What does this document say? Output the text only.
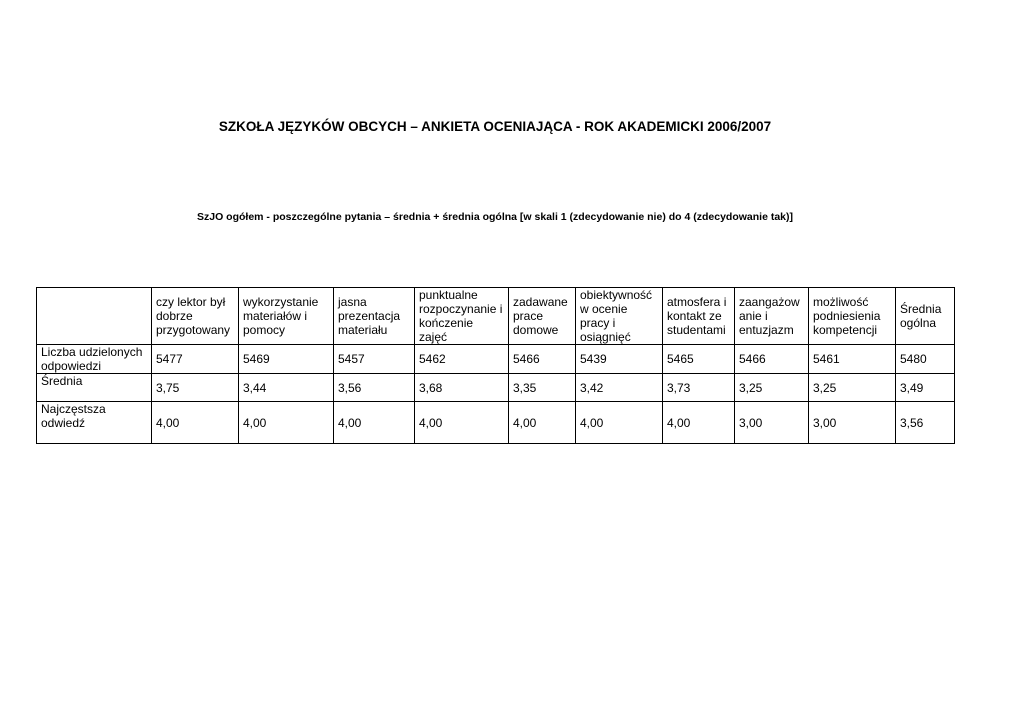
SZKOŁA JĘZYKÓW OBCYCH – ANKIETA OCENIAJĄCA - ROK AKADEMICKI 2006/2007
SzJO ogółem - poszczególne pytania – średnia + średnia ogólna [w skali 1 (zdecydowanie nie) do 4 (zdecydowanie tak)]
	czy lektor był dobrze przygotowany	wykorzystanie materiałów i pomocy	jasna prezentacja materiału	punktualne rozpoczynanie i kończenie zajęć	zadawane prace domowe	obiektywność w ocenie pracy i osiągnięć	atmosfera i kontakt ze studentami	zaangażow anie i entuzjazm	możliwość podniesienia kompetencji	Średnia ogólna
Liczba udzielonych odpowiedzi	5477	5469	5457	5462	5466	5439	5465	5466	5461	5480
Średnia	3,75	3,44	3,56	3,68	3,35	3,42	3,73	3,25	3,25	3,49
Najczęstsza odwiedź	4,00	4,00	4,00	4,00	4,00	4,00	4,00	3,00	3,00	3,56
